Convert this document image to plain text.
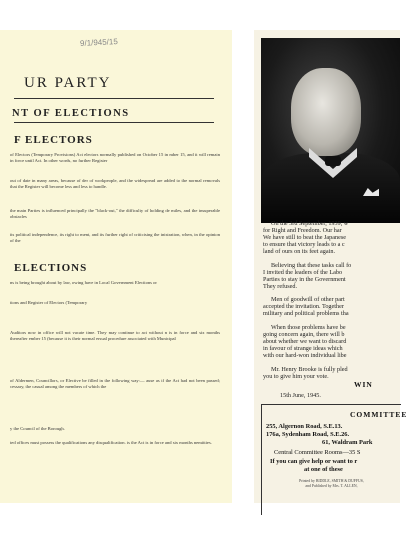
9/1/945/15
UR PARTY
NT OF ELECTIONS
F ELECTORS
of Electors (Temporary Provisions) Act electors normally published on October 15 in mber 15, and it will remain in force until Act. In other words, no further Register
out of date in many areas, because of der of workpeople, and the widespread are added to the normal removals that the Register will become less and less to handle.
the main Parties is influenced principally the "black-out," the difficulty of holding de miles, and the insuperable obstacles
its political independence, its right to ment, and its further right of criticising the inistration, when, in the opinion of the
ELECTIONS
ns is being brought about by law, owing have in Local Government Elections or
tions and Register of Electors (Temporary
Auditors now in office will not vacate time. They may continue to act without n is in force and six months thereafter ember 15 (because it is their normal ersual procedure associated with Municipal
of Aldermen, Councillors, or Elective be filled in the following way:— ause as if the Act had not been passed; cessary, the casual among the members of which the
y the Council of the Borough.
ted offices must possess the qualifications any disqualification. is the Act is in force and six months nemitties.
On the 3rd September, 1939, w
for Right and Freedom. Our har
We have still to beat the Japanese
to ensure that victory leads to a c
land of ours on its feet again.
Believing that these tasks call fo
I invited the leaders of the Labo
Parties to stay in the Government
They refused.
Men of goodwill of other part
accepted the invitation. Together
military and political problems tha
When those problems have be
going concern again, there will b
about whether we want to discard
in favour of strange ideas which
with our hard-won individual libe
Mr. Henry Brooke is fully pled
you to give him your vote.
WIN
15th June, 1945.
COMMITTEE
255, Algernon Road, S.E.13.
176a, Sydenham Road, S.E.26.
61, Waldram Park
Central Committee Rooms—35 S
If you can give help or want to r
at one of these
Printed by BIDDLE, SMITH & DUFFUS,
and Published by Mrs. T. ALLEN,
